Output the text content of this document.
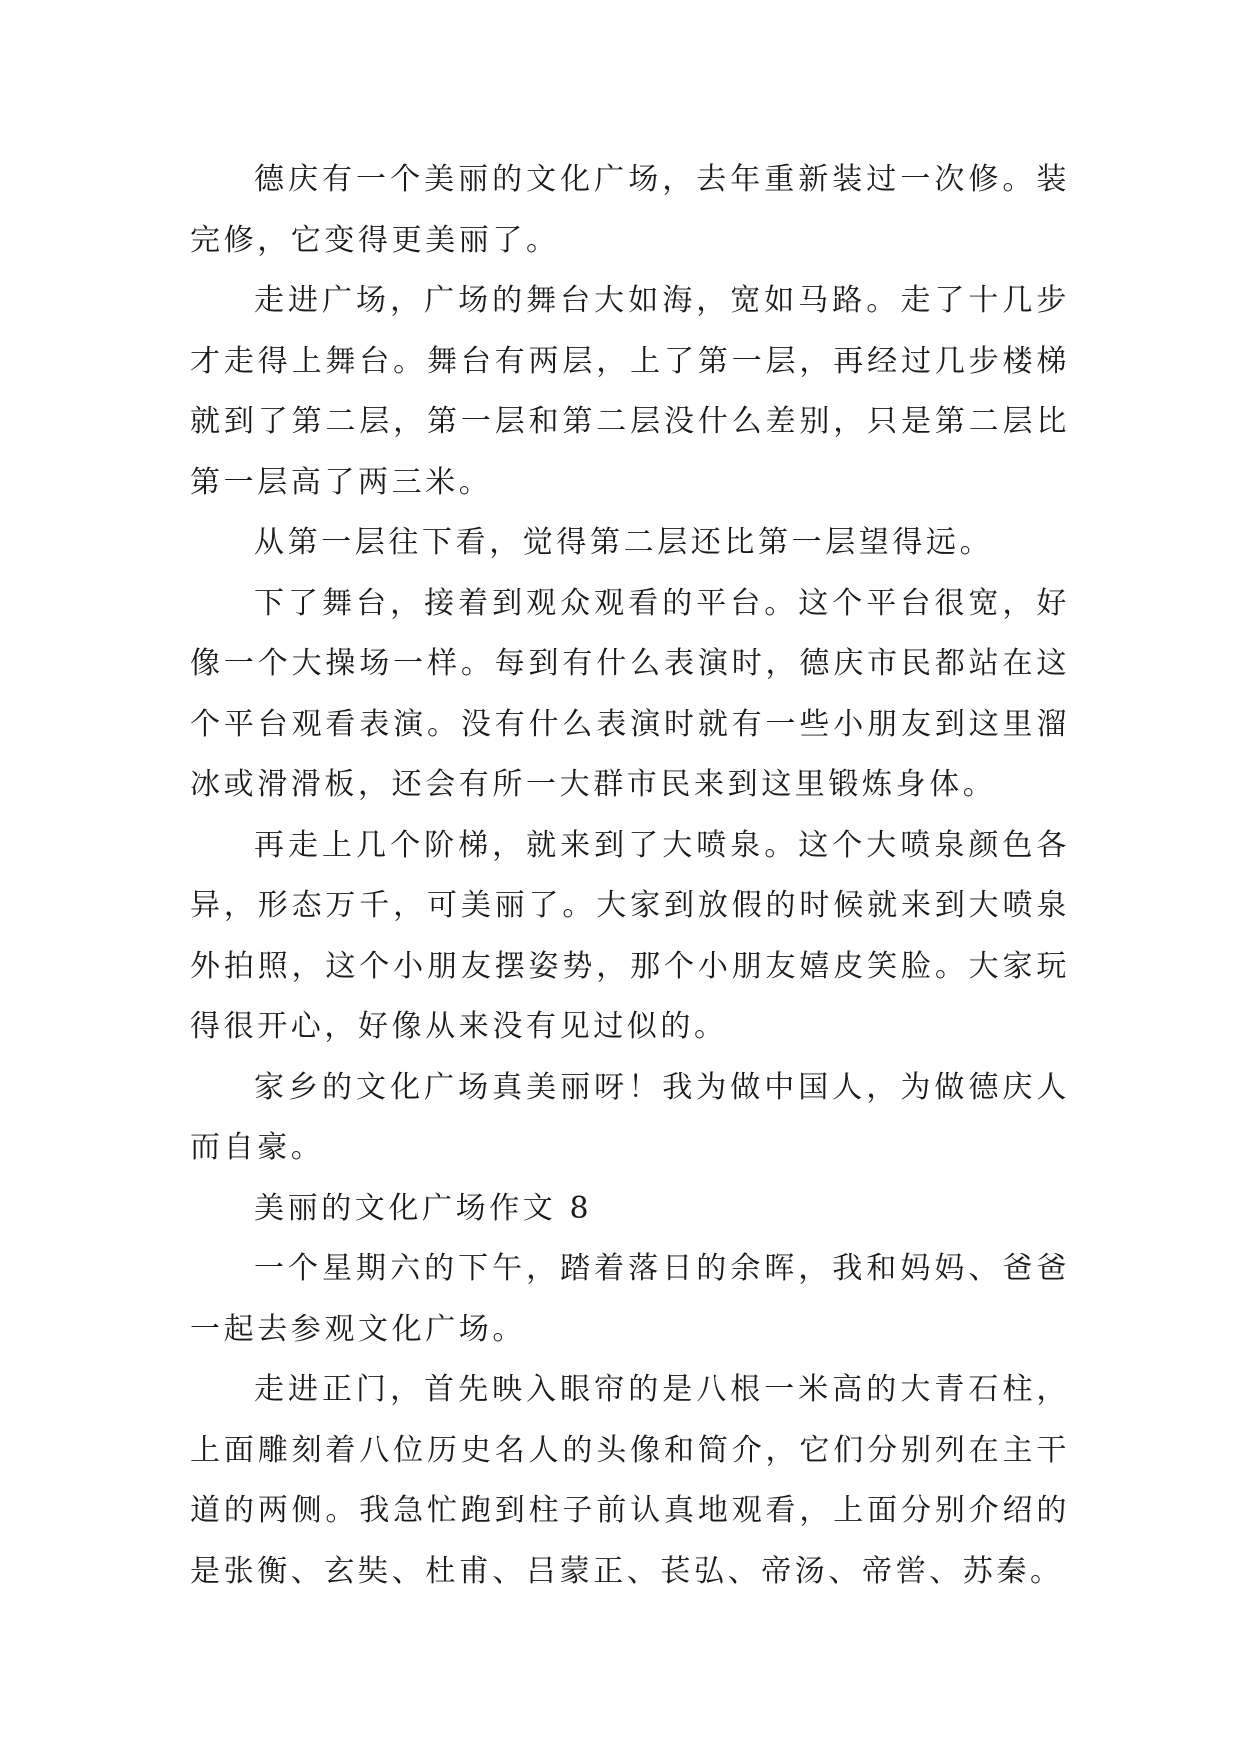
德庆有一个美丽的文化广场，去年重新装过一次修。装完修，它变得更美丽了。

走进广场，广场的舞台大如海，宽如马路。走了十几步才走得上舞台。舞台有两层，上了第一层，再经过几步楼梯就到了第二层，第一层和第二层没什么差别，只是第二层比第一层高了两三米。

从第一层往下看，觉得第二层还比第一层望得远。

下了舞台，接着到观众观看的平台。这个平台很宽，好像一个大操场一样。每到有什么表演时，德庆市民都站在这个平台观看表演。没有什么表演时就有一些小朋友到这里溜冰或滑滑板，还会有所一大群市民来到这里锻炼身体。

再走上几个阶梯，就来到了大喷泉。这个大喷泉颜色各异，形态万千，可美丽了。大家到放假的时候就来到大喷泉外拍照，这个小朋友摆姿势，那个小朋友嬉皮笑脸。大家玩得很开心，好像从来没有见过似的。

家乡的文化广场真美丽呀！我为做中国人，为做德庆人而自豪。

美丽的文化广场作文 8

一个星期六的下午，踏着落日的余晖，我和妈妈、爸爸一起去参观文化广场。

走进正门，首先映入眼帘的是八根一米高的大青石柱，上面雕刻着八位历史名人的头像和简介，它们分别列在主干道的两侧。我急忙跑到柱子前认真地观看，上面分别介绍的是张衡、玄奘、杜甫、吕蒙正、苌弘、帝汤、帝喾、苏秦。
